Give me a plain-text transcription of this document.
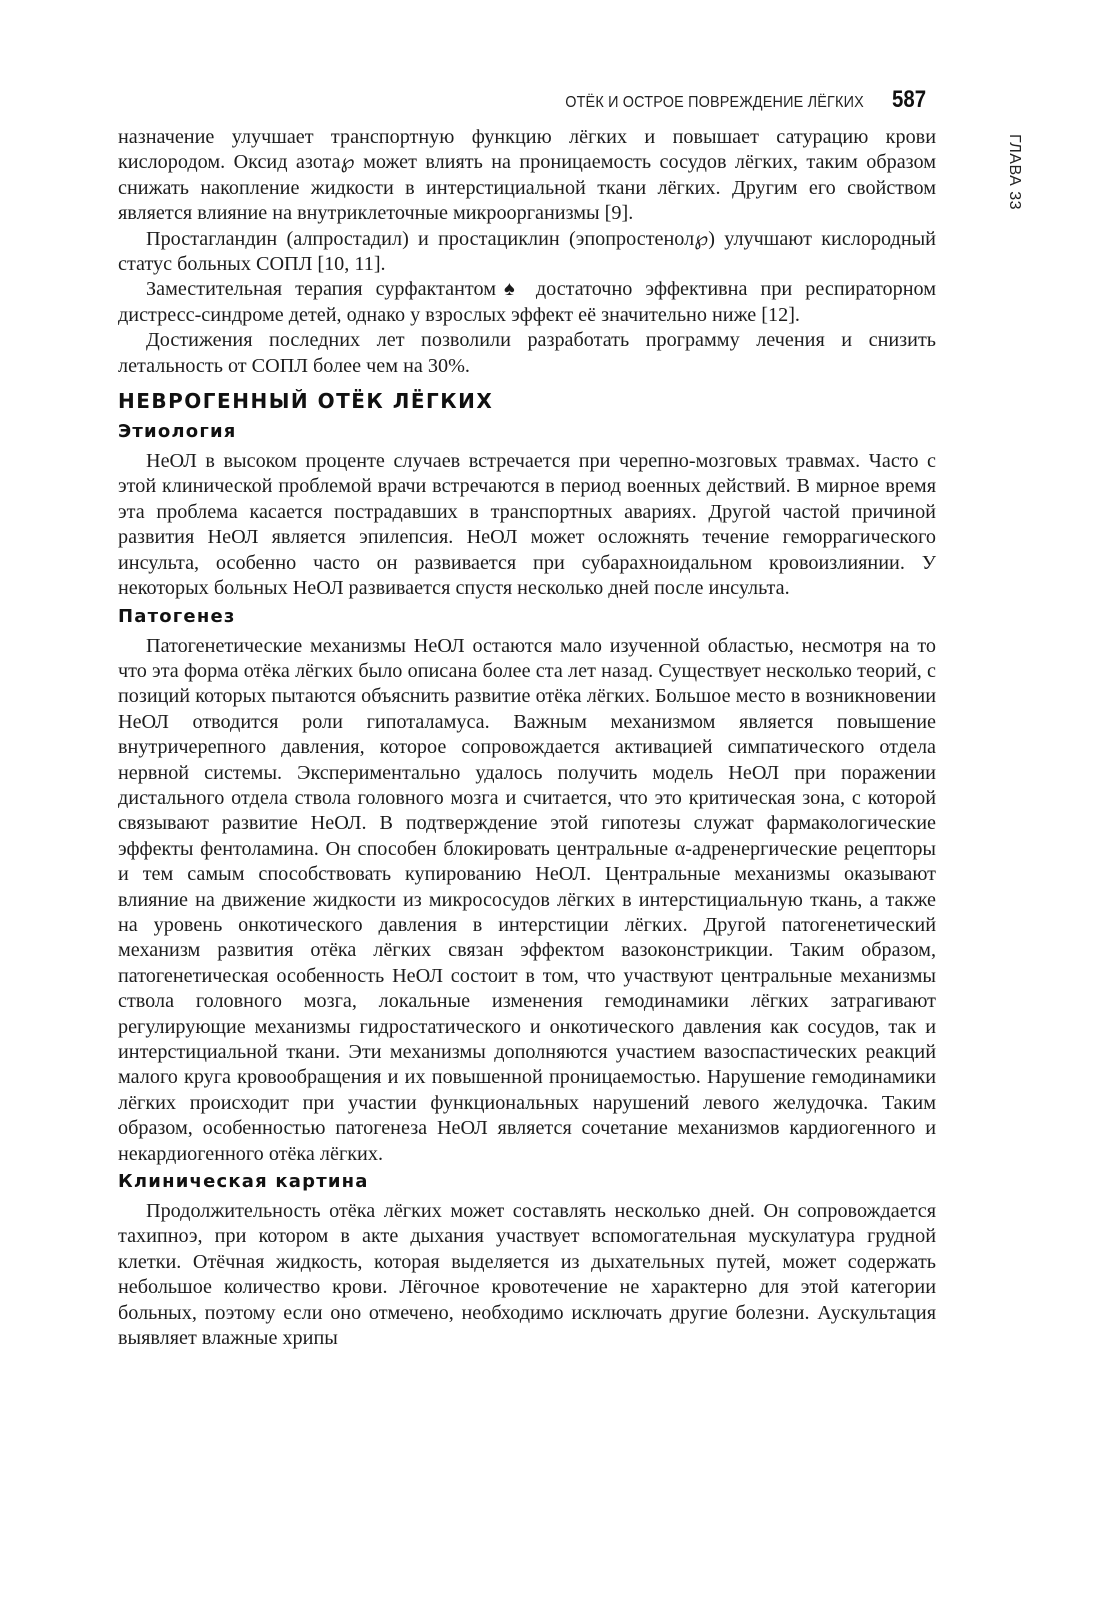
ОТЁК И ОСТРОЕ ПОВРЕЖДЕНИЕ ЛЁГКИХ 587
ГЛАВА 33

назначение улучшает транспортную функцию лёгких и повышает сатурацию крови кислородом. Оксид азота℘ может влиять на проницаемость сосудов лёгких, таким образом снижать накопление жидкости в интерстициальной ткани лёгких. Другим его свойством является влияние на внутриклеточные микроорганизмы [9].

Простагландин (алпростадил) и простациклин (эпопростенол℘) улучшают кислородный статус больных СОПЛ [10, 11].

Заместительная терапия сурфактантом♠ достаточно эффективна при респираторном дистресс-синдроме детей, однако у взрослых эффект её значительно ниже [12].

Достижения последних лет позволили разработать программу лечения и снизить летальность от СОПЛ более чем на 30%.

НЕВРОГЕННЫЙ ОТЁК ЛЁГКИХ
Этиология

НеОЛ в высоком проценте случаев встречается при черепно-мозговых травмах. Часто с этой клинической проблемой врачи встречаются в период военных действий. В мирное время эта проблема касается пострадавших в транспортных авариях. Другой частой причиной развития НеОЛ является эпилепсия. НеОЛ может осложнять течение геморрагического инсульта, особенно часто он развивается при субарахноидальном кровоизлиянии. У некоторых больных НеОЛ развивается спустя несколько дней после инсульта.

Патогенез

Патогенетические механизмы НеОЛ остаются мало изученной областью, несмотря на то что эта форма отёка лёгких было описана более ста лет назад. Существует несколько теорий, с позиций которых пытаются объяснить развитие отёка лёгких. Большое место в возникновении НеОЛ отводится роли гипоталамуса. Важным механизмом является повышение внутричерепного давления, которое сопровождается активацией симпатического отдела нервной системы. Экспериментально удалось получить модель НеОЛ при поражении дистального отдела ствола головного мозга и считается, что это критическая зона, с которой связывают развитие НеОЛ. В подтверждение этой гипотезы служат фармакологические эффекты фентоламина. Он способен блокировать центральные α-адренергические рецепторы и тем самым способствовать купированию НеОЛ. Центральные механизмы оказывают влияние на движение жидкости из микрососудов лёгких в интерстициальную ткань, а также на уровень онкотического давления в интерстиции лёгких. Другой патогенетический механизм развития отёка лёгких связан эффектом вазоконстрикции. Таким образом, патогенетическая особенность НеОЛ состоит в том, что участвуют центральные механизмы ствола головного мозга, локальные изменения гемодинамики лёгких затрагивают регулирующие механизмы гидростатического и онкотического давления как сосудов, так и интерстициальной ткани. Эти механизмы дополняются участием вазоспастических реакций малого круга кровообращения и их повышенной проницаемостью. Нарушение гемодинамики лёгких происходит при участии функциональных нарушений левого желудочка. Таким образом, особенностью патогенеза НеОЛ является сочетание механизмов кардиогенного и некардиогенного отёка лёгких.

Клиническая картина

Продолжительность отёка лёгких может составлять несколько дней. Он сопровождается тахипноэ, при котором в акте дыхания участвует вспомогательная мускулатура грудной клетки. Отёчная жидкость, которая выделяется из дыхательных путей, может содержать небольшое количество крови. Лёгочное кровотечение не характерно для этой категории больных, поэтому если оно отмечено, необходимо исключать другие болезни. Аускультация выявляет влажные хрипы
